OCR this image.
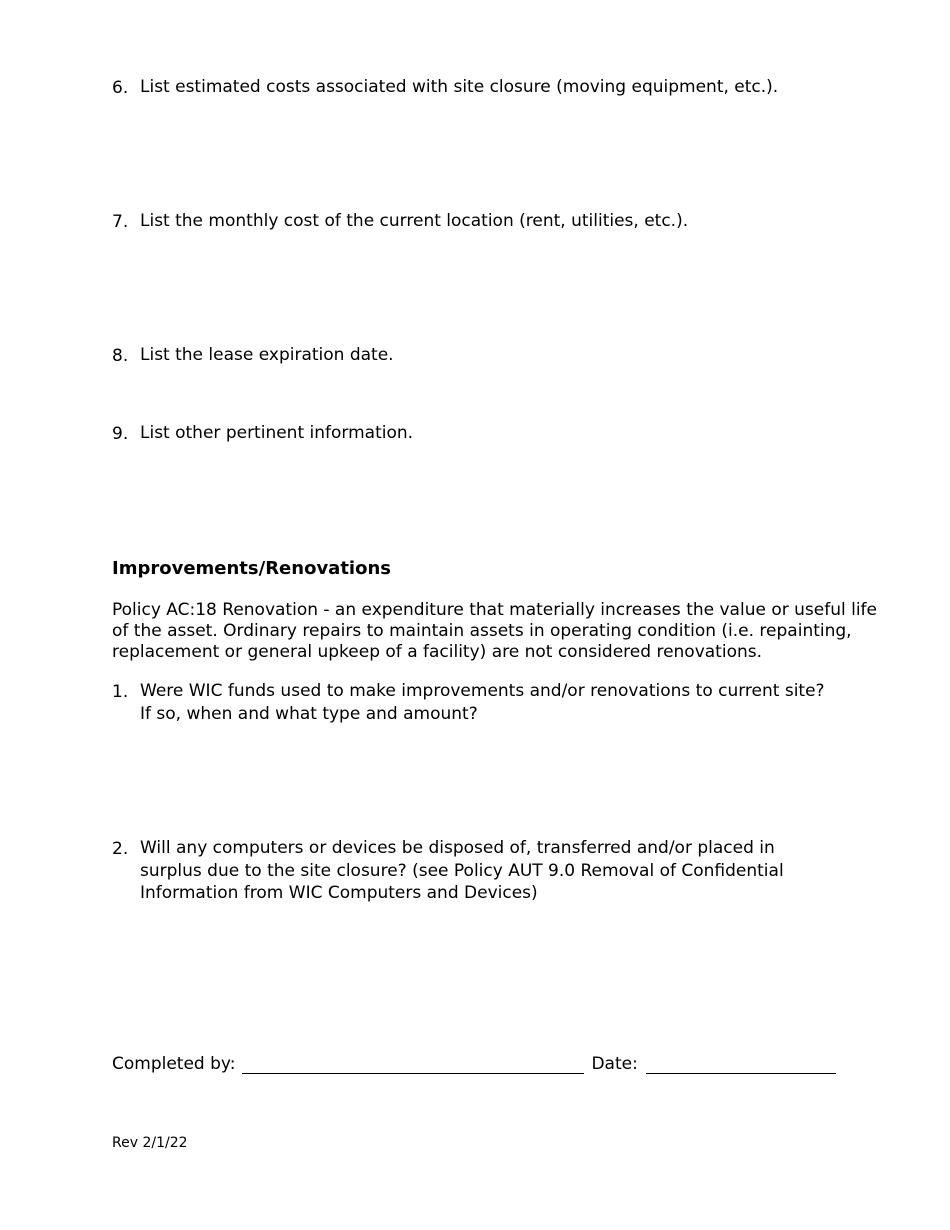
6. List estimated costs associated with site closure (moving equipment, etc.).
7. List the monthly cost of the current location (rent, utilities, etc.).
8. List the lease expiration date.
9. List other pertinent information.
Improvements/Renovations
Policy AC:18 Renovation - an expenditure that materially increases the value or useful life
of the asset. Ordinary repairs to maintain assets in operating condition (i.e. repainting,
replacement or general upkeep of a facility) are not considered renovations.
1. Were WIC funds used to make improvements and/or renovations to current site?
If so, when and what type and amount?
2. Will any computers or devices be disposed of, transferred and/or placed in
surplus due to the site closure? (see Policy AUT 9.0 Removal of Confidential
Information from WIC Computers and Devices)
Completed by:	Date:
Rev 2/1/22
